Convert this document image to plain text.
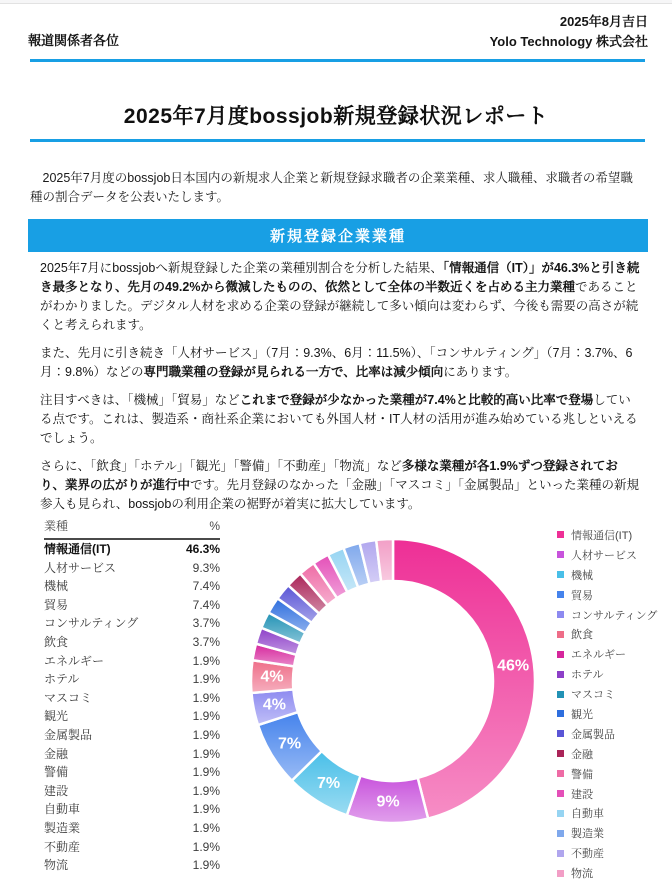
報道関係者各位
2025年8月吉日
Yolo Technology 株式会社
2025年7月度bossjob新規登録状況レポート

　2025年7月度のbossjob日本国内の新規求人企業と新規登録求職者の企業業種、求人職種、求職者の希望職種の割合データを公表いたします。

新規登録企業業種

2025年7月にbossjobへ新規登録した企業の業種別割合を分析した結果、「情報通信（IT）」が46.3%と引き続き最多となり、先月の49.2%から微減したものの、依然として全体の半数近くを占める主力業種であることがわかりました。デジタル人材を求める企業の登録が継続して多い傾向は変わらず、今後も需要の高さが続くと考えられます。

また、先月に引き続き「人材サービス」（7月：9.3%、6月：11.5%）、「コンサルティング」（7月：3.7%、6月：9.8%）などの専門職業種の登録が見られる一方で、比率は減少傾向にあります。

注目すべきは、「機械」「貿易」などこれまで登録が少なかった業種が7.4%と比較的高い比率で登場している点です。これは、製造系・商社系企業においても外国人材・IT人材の活用が進み始めている兆しといえるでしょう。

さらに、「飲食」「ホテル」「観光」「警備」「不動産」「物流」など多様な業種が各1.9%ずつ登録されており、業界の広がりが進行中です。先月登録のなかった「金融」「マスコミ」「金属製品」といった業種の新規参入も見られ、bossjobの利用企業の裾野が着実に拡大しています。

業種	%
情報通信(IT)	46.3%
人材サービス	9.3%
機械	7.4%
貿易	7.4%
コンサルティング	3.7%
飲食	3.7%
エネルギー	1.9%
ホテル	1.9%
マスコミ	1.9%
観光	1.9%
金属製品	1.9%
金融	1.9%
警備	1.9%
建設	1.9%
自動車	1.9%
製造業	1.9%
不動産	1.9%
物流	1.9%
46%
9%
7%
7%
4%
4%
情報通信(IT)
人材サービス
機械
貿易
コンサルティング
飲食
エネルギー
ホテル
マスコミ
観光
金属製品
金融
警備
建設
自動車
製造業
不動産
物流
